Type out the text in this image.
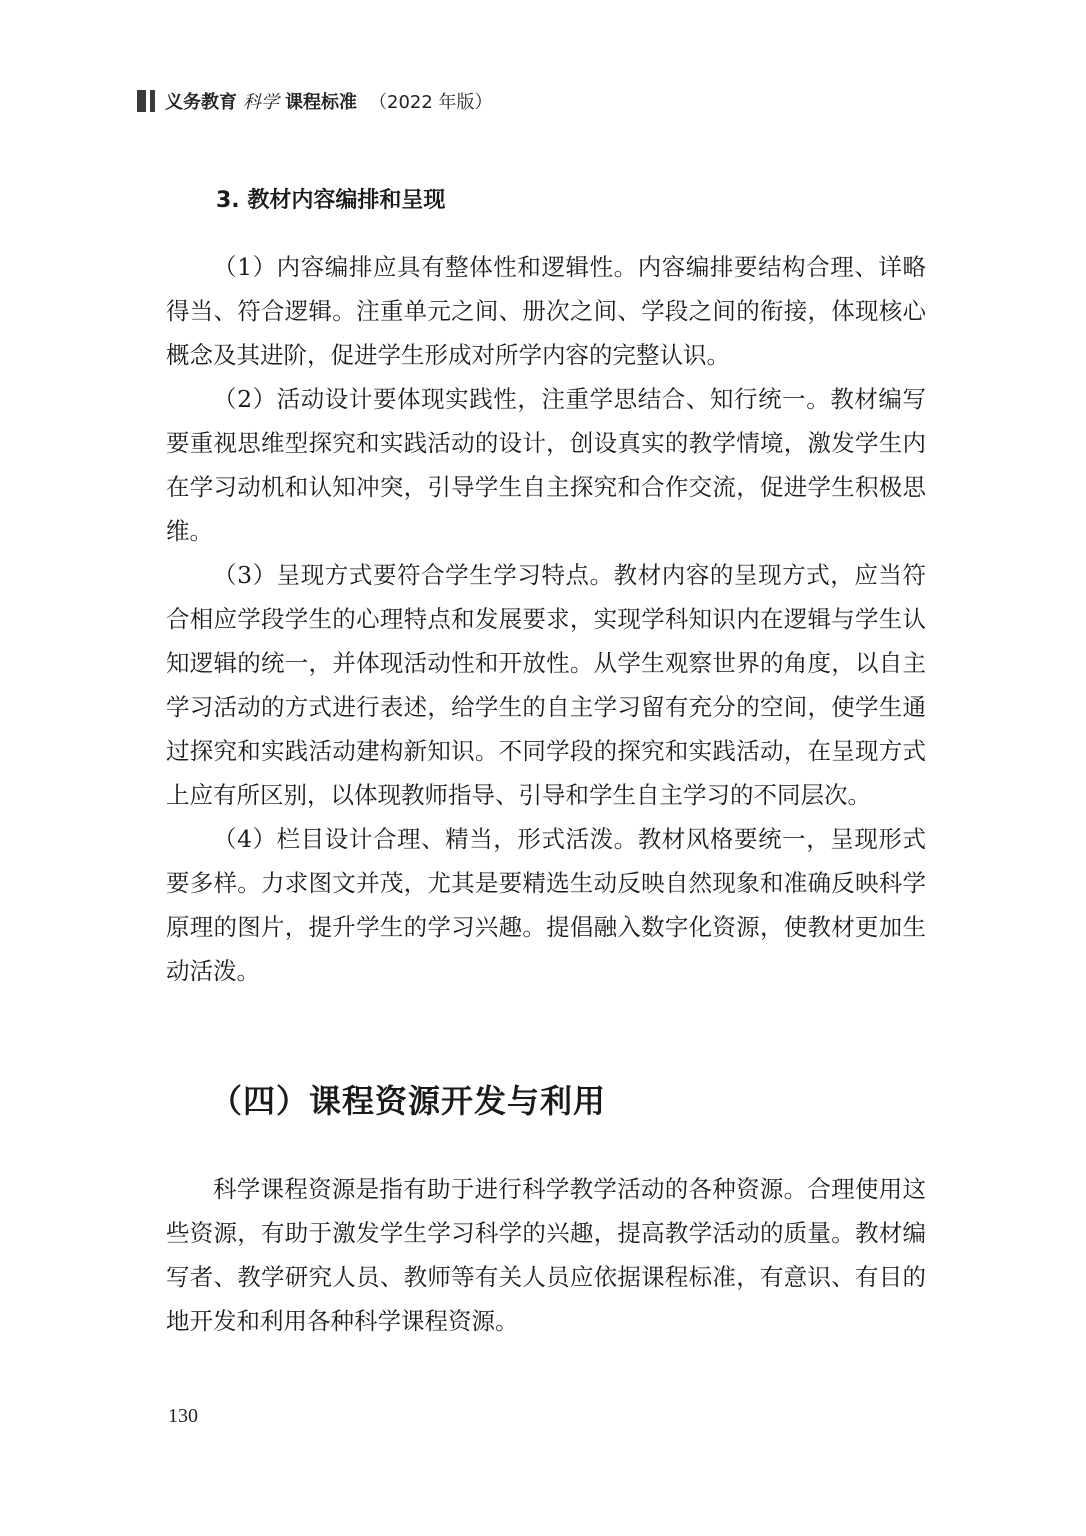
义务教育 科学 课程标准 （2022 年版）
3. 教材内容编排和呈现

（1）内容编排应具有整体性和逻辑性。内容编排要结构合理、详略得当、符合逻辑。注重单元之间、册次之间、学段之间的衔接，体现核心概念及其进阶，促进学生形成对所学内容的完整认识。

（2）活动设计要体现实践性，注重学思结合、知行统一。教材编写要重视思维型探究和实践活动的设计，创设真实的教学情境，激发学生内在学习动机和认知冲突，引导学生自主探究和合作交流，促进学生积极思维。

（3）呈现方式要符合学生学习特点。教材内容的呈现方式，应当符合相应学段学生的心理特点和发展要求，实现学科知识内在逻辑与学生认知逻辑的统一，并体现活动性和开放性。从学生观察世界的角度，以自主学习活动的方式进行表述，给学生的自主学习留有充分的空间，使学生通过探究和实践活动建构新知识。不同学段的探究和实践活动，在呈现方式上应有所区别，以体现教师指导、引导和学生自主学习的不同层次。

（4）栏目设计合理、精当，形式活泼。教材风格要统一，呈现形式要多样。力求图文并茂，尤其是要精选生动反映自然现象和准确反映科学原理的图片，提升学生的学习兴趣。提倡融入数字化资源，使教材更加生动活泼。

（四）课程资源开发与利用

科学课程资源是指有助于进行科学教学活动的各种资源。合理使用这些资源，有助于激发学生学习科学的兴趣，提高教学活动的质量。教材编写者、教学研究人员、教师等有关人员应依据课程标准，有意识、有目的地开发和利用各种科学课程资源。

130
